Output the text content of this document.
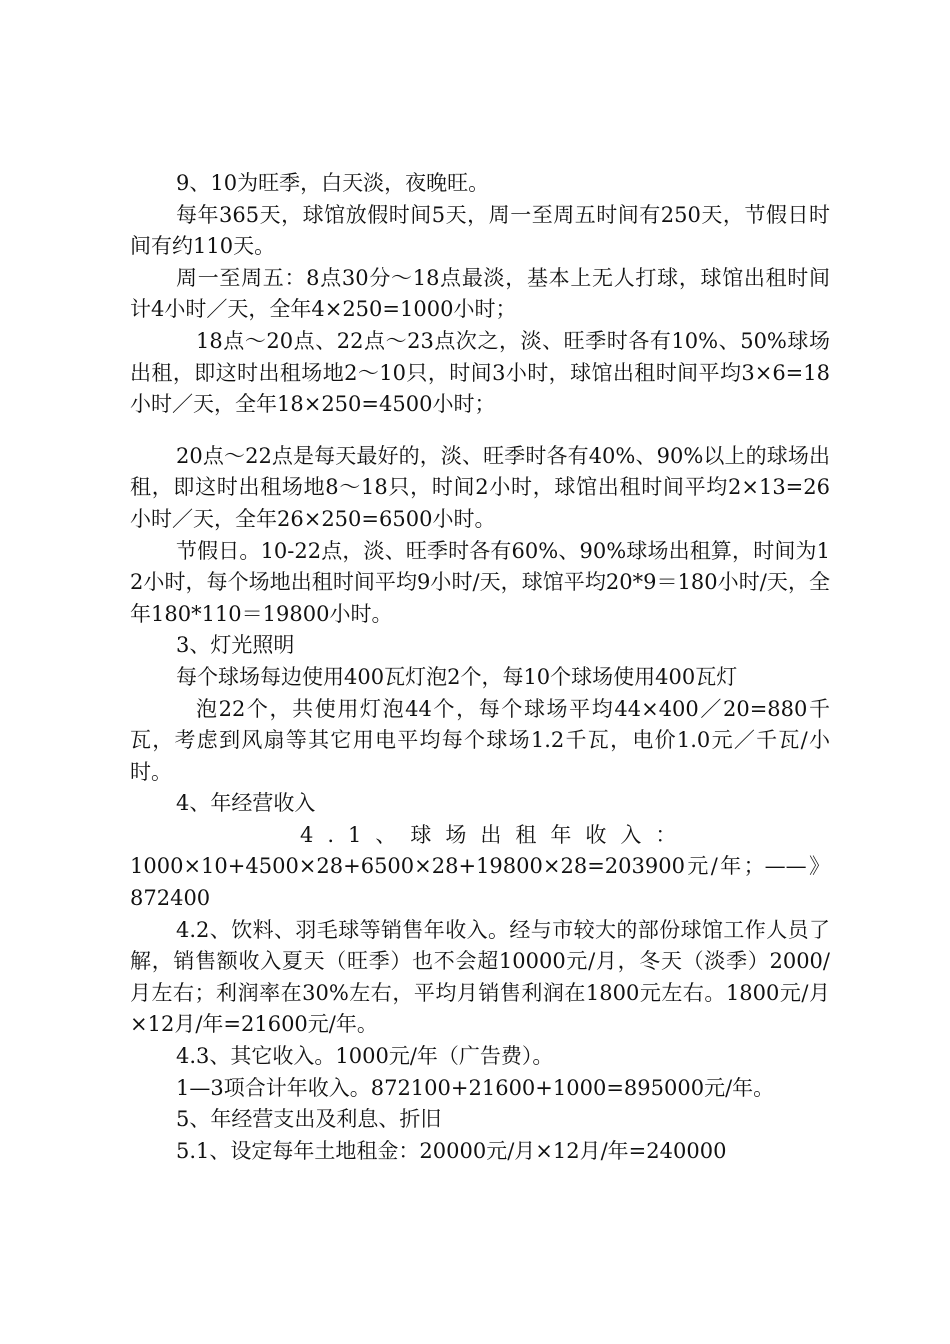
9、10为旺季，白天淡，夜晚旺。

每年365天，球馆放假时间5天，周一至周五时间有250天，节假日时间有约110天。

周一至周五：8点30分～18点最淡，基本上无人打球，球馆出租时间计4小时／天，全年4×250=1000小时；

18点～20点、22点～23点次之，淡、旺季时各有10%、50%球场出租，即这时出租场地2～10只，时间3小时，球馆出租时间平均3×6=18小时／天，全年18×250=4500小时；

20点～22点是每天最好的，淡、旺季时各有40%、90%以上的球场出租，即这时出租场地8～18只，时间2小时，球馆出租时间平均2×13=26小时／天，全年26×250=6500小时。

节假日。10-22点，淡、旺季时各有60%、90%球场出租算，时间为12小时，每个场地出租时间平均9小时/天，球馆平均20*9＝180小时/天，全年180*110＝19800小时。

3、灯光照明

每个球场每边使用400瓦灯泡2个，每10个球场使用400瓦灯

泡22个，共使用灯泡44个，每个球场平均44×400／20=880千瓦，考虑到风扇等其它用电平均每个球场1.2千瓦，电价1.0元／千瓦/小时。

4、年经营收入

4.1、球场出租年收入：

1000×10+4500×28+6500×28+19800×28=203900元/年；——》872400

4.2、饮料、羽毛球等销售年收入。经与市较大的部份球馆工作人员了解，销售额收入夏天（旺季）也不会超10000元/月，冬天（淡季）2000/月左右；利润率在30%左右，平均月销售利润在1800元左右。1800元/月×12月/年=21600元/年。

4.3、其它收入。1000元/年（广告费）。

1—3项合计年收入。872100+21600+1000=895000元/年。

5、年经营支出及利息、折旧

5.1、设定每年土地租金：20000元/月×12月/年=240000
